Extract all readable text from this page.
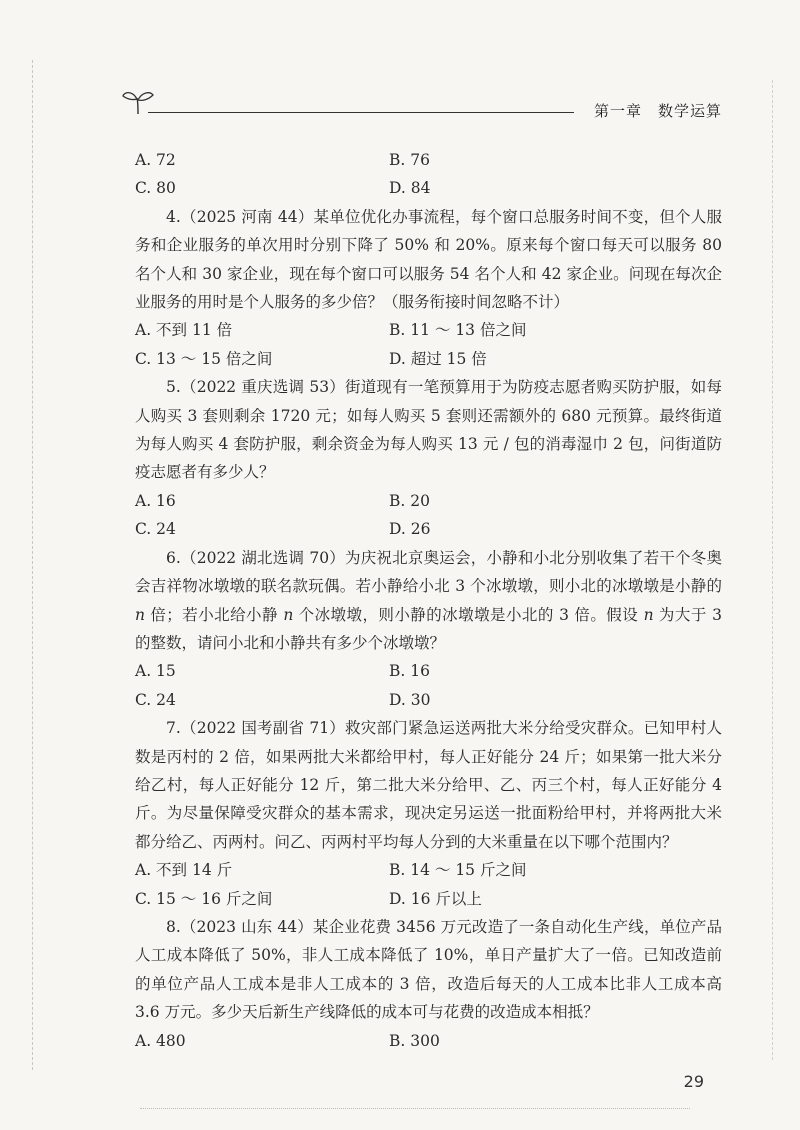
第一章　数学运算
A. 72	B. 76
C. 80	D. 84

4.（2025 河南 44）某单位优化办事流程，每个窗口总服务时间不变，但个人服务和企业服务的单次用时分别下降了 50% 和 20%。原来每个窗口每天可以服务 80 名个人和 30 家企业，现在每个窗口可以服务 54 名个人和 42 家企业。问现在每次企业服务的用时是个人服务的多少倍？（服务衔接时间忽略不计）

A. 不到 11 倍	B. 11 ～ 13 倍之间
C. 13 ～ 15 倍之间	D. 超过 15 倍

5.（2022 重庆选调 53）街道现有一笔预算用于为防疫志愿者购买防护服，如每人购买 3 套则剩余 1720 元；如每人购买 5 套则还需额外的 680 元预算。最终街道为每人购买 4 套防护服，剩余资金为每人购买 13 元 / 包的消毒湿巾 2 包，问街道防疫志愿者有多少人？

A. 16	B. 20
C. 24	D. 26

6.（2022 湖北选调 70）为庆祝北京奥运会，小静和小北分别收集了若干个冬奥会吉祥物冰墩墩的联名款玩偶。若小静给小北 3 个冰墩墩，则小北的冰墩墩是小静的 n 倍；若小北给小静 n 个冰墩墩，则小静的冰墩墩是小北的 3 倍。假设 n 为大于 3 的整数，请问小北和小静共有多少个冰墩墩？

A. 15	B. 16
C. 24	D. 30

7.（2022 国考副省 71）救灾部门紧急运送两批大米分给受灾群众。已知甲村人数是丙村的 2 倍，如果两批大米都给甲村，每人正好能分 24 斤；如果第一批大米分给乙村，每人正好能分 12 斤，第二批大米分给甲、乙、丙三个村，每人正好能分 4 斤。为尽量保障受灾群众的基本需求，现决定另运送一批面粉给甲村，并将两批大米都分给乙、丙两村。问乙、丙两村平均每人分到的大米重量在以下哪个范围内？

A. 不到 14 斤	B. 14 ～ 15 斤之间
C. 15 ～ 16 斤之间	D. 16 斤以上

8.（2023 山东 44）某企业花费 3456 万元改造了一条自动化生产线，单位产品人工成本降低了 50%，非人工成本降低了 10%，单日产量扩大了一倍。已知改造前的单位产品人工成本是非人工成本的 3 倍，改造后每天的人工成本比非人工成本高 3.6 万元。多少天后新生产线降低的成本可与花费的改造成本相抵？

A. 480	B. 300
29
